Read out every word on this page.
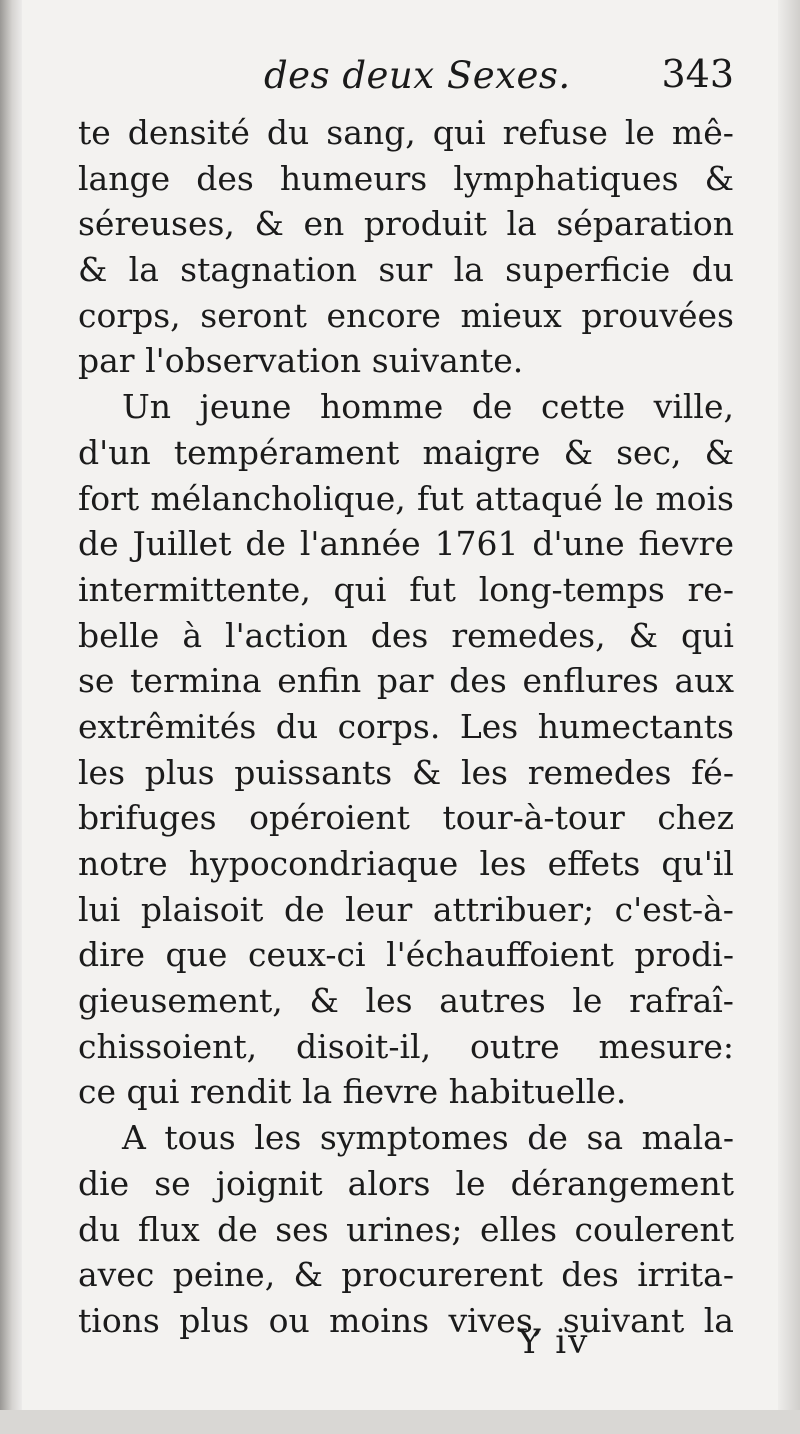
des deux Sexes. 343
te densité du sang, qui refuse le mê-
lange des humeurs lymphatiques &
séreuses, & en produit la séparation
& la stagnation sur la superficie du
corps, seront encore mieux prouvées
par l'observation suivante.
Un jeune homme de cette ville,
d'un tempérament maigre & sec, &
fort mélancholique, fut attaqué le mois
de Juillet de l'année 1761 d'une fievre
intermittente, qui fut long-temps re-
belle à l'action des remedes, & qui
se termina enfin par des enflures aux
extrêmités du corps. Les humectants
les plus puissants & les remedes fé-
brifuges opéroient tour-à-tour chez
notre hypocondriaque les effets qu'il
lui plaisoit de leur attribuer; c'est-à-
dire que ceux-ci l'échauffoient prodi-
gieusement, & les autres le rafraî-
chissoient, disoit-il, outre mesure:
ce qui rendit la fievre habituelle.
A tous les symptomes de sa mala-
die se joignit alors le dérangement
du flux de ses urines; elles coulerent
avec peine, & procurerent des irrita-
tions plus ou moins vives, suivant la
Y iv
